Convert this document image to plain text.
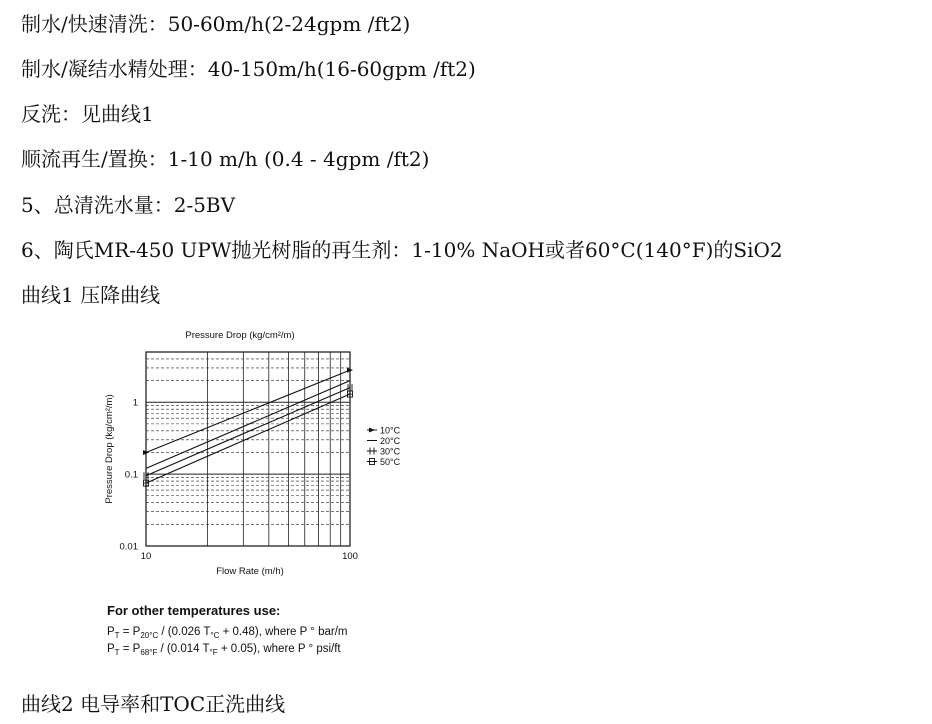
制水/快速清洗：50-60m/h(2-24gpm /ft2)
制水/凝结水精处理：40-150m/h(16-60gpm /ft2)
反洗：见曲线1
顺流再生/置换：1-10 m/h (0.4 - 4gpm /ft2)
5、总清洗水量：2-5BV
6、陶氏MR-450 UPW抛光树脂的再生剂：1-10% NaOH或者60°C(140°F)的SiO2
曲线1 压降曲线
0.01
0.1
1
10	100
Pressure Drop (kg/cm²/m)
Flow Rate (m/h)
Pressure Drop (kg/cm²/m)	10°C
20°C
30°C
50°C
For other temperatures use:
$P_T = P_{20^\circ C} / (0.026$ $T_{^\circ C} + 0.48$), where P ° bar/m
$P_T = P_{68^\circ F} / (0.014$ $T_{^\circ F} + 0.05$), where P ° psi/ft
曲线2 电导率和TOC正洗曲线
